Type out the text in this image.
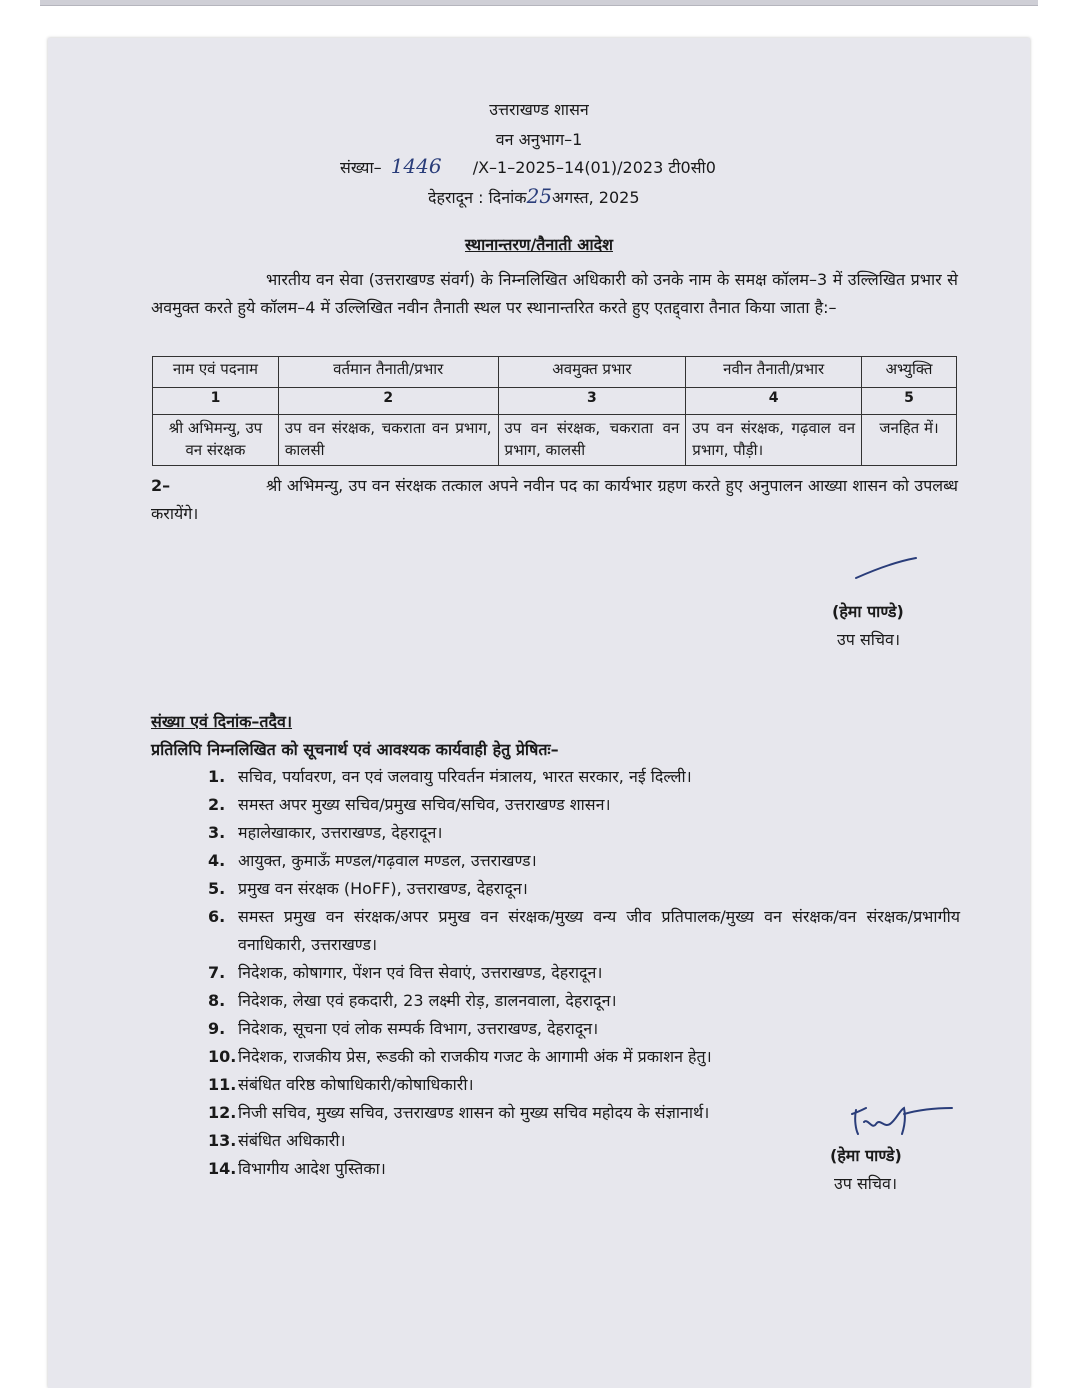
उत्तराखण्ड शासन
वन अनुभाग–1
संख्या– 1446 /X–1–2025–14(01)/2023 टी0सी0
देहरादून : दिनांक25अगस्त, 2025
स्थानान्तरण/तैनाती आदेश
भारतीय वन सेवा (उत्तराखण्ड संवर्ग) के निम्नलिखित अधिकारी को उनके नाम के समक्ष कॉलम–3 में उल्लिखित प्रभार से अवमुक्त करते हुये कॉलम–4 में उल्लिखित नवीन तैनाती स्थल पर स्थानान्तरित करते हुए एतद्द्वारा तैनात किया जाता है:–
नाम एवं पदनाम	वर्तमान तैनाती/प्रभार	अवमुक्त प्रभार	नवीन तैनाती/प्रभार	अभ्युक्ति
1	2	3	4	5
श्री अभिमन्यु, उप वन संरक्षक	उप वन संरक्षक, चकराता वन प्रभाग, कालसी	उप वन संरक्षक, चकराता वन प्रभाग, कालसी	उप वन संरक्षक, गढ़वाल वन प्रभाग, पौड़ी।	जनहित में।
2–	श्री अभिमन्यु, उप वन संरक्षक तत्काल अपने नवीन पद का कार्यभार ग्रहण करते हुए अनुपालन आख्या शासन को उपलब्ध करायेंगे।
(हेमा पाण्डे)
उप सचिव।
संख्या एवं दिनांक–तदैव।
प्रतिलिपि निम्नलिखित को सूचनार्थ एवं आवश्यक कार्यवाही हेतु प्रेषितः–
1. सचिव, पर्यावरण, वन एवं जलवायु परिवर्तन मंत्रालय, भारत सरकार, नई दिल्ली।
2. समस्त अपर मुख्य सचिव/प्रमुख सचिव/सचिव, उत्तराखण्ड शासन।
3. महालेखाकार, उत्तराखण्ड, देहरादून।
4. आयुक्त, कुमाऊँ मण्डल/गढ़वाल मण्डल, उत्तराखण्ड।
5. प्रमुख वन संरक्षक (HoFF), उत्तराखण्ड, देहरादून।
6. समस्त प्रमुख वन संरक्षक/अपर प्रमुख वन संरक्षक/मुख्य वन्य जीव प्रतिपालक/मुख्य वन संरक्षक/वन संरक्षक/प्रभागीय वनाधिकारी, उत्तराखण्ड।
7. निदेशक, कोषागार, पेंशन एवं वित्त सेवाएं, उत्तराखण्ड, देहरादून।
8. निदेशक, लेखा एवं हकदारी, 23 लक्ष्मी रोड़, डालनवाला, देहरादून।
9. निदेशक, सूचना एवं लोक सम्पर्क विभाग, उत्तराखण्ड, देहरादून।
10. निदेशक, राजकीय प्रेस, रूडकी को राजकीय गजट के आगामी अंक में प्रकाशन हेतु।
11. संबंधित वरिष्ठ कोषाधिकारी/कोषाधिकारी।
12. निजी सचिव, मुख्य सचिव, उत्तराखण्ड शासन को मुख्य सचिव महोदय के संज्ञानार्थ।
13. संबंधित अधिकारी।
14. विभागीय आदेश पुस्तिका।
(हेमा पाण्डे)
उप सचिव।
